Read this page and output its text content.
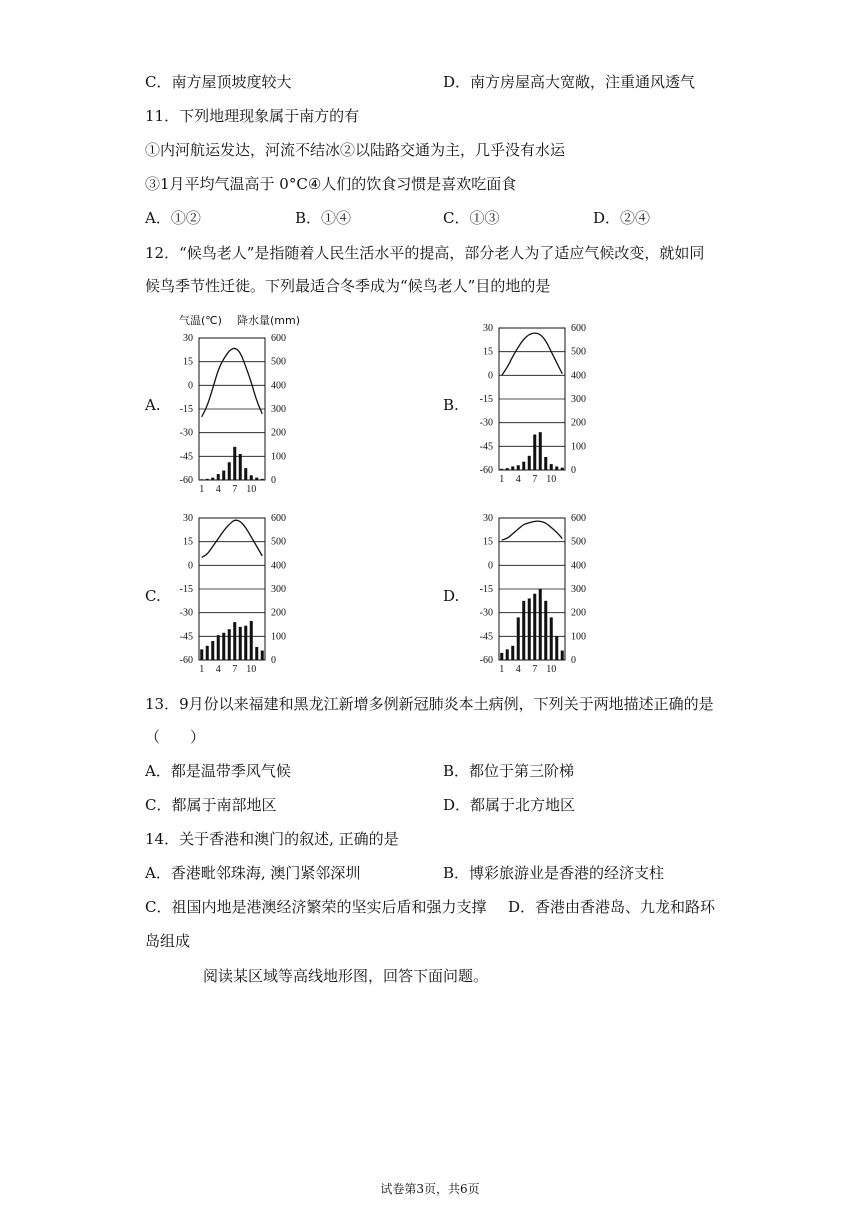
C．南方屋顶坡度较大	D．南方房屋高大宽敞，注重通风透气
11．下列地理现象属于南方的有
①内河航运发达，河流不结冰②以陆路交通为主，几乎没有水运
③1月平均气温高于 0°C④人们的饮食习惯是喜欢吃面食
A．①②	B．①④	C．①③	D．②④
12．“候鸟老人”是指随着人民生活水平的提高，部分老人为了适应气候改变，就如同
候鸟季节性迁徙。下列最适合冬季成为“候鸟老人”目的地的是
A.	B.
C.	D.
气温(℃) 降水量(mm)
30
15
0
-15
-30
-45
-60
600
500
400
300
200
100
0
1 4 7 10
30
15
0
-15
-30
-45
-60
600
500
400
300
200
100
0
1 4 7 10
30
15
0
-15
-30
-45
-60
600
500
400
300
200
100
0
1 4 7 10
30
15
0
-15
-30
-45
-60
600
500
400
300
200
100
0
1 4 7 10
13．9月份以来福建和黑龙江新增多例新冠肺炎本土病例，下列关于两地描述正确的是
（　　）
A．都是温带季风气候	B．都位于第三阶梯
C．都属于南部地区	D．都属于北方地区
14．关于香港和澳门的叙述, 正确的是
A．香港毗邻珠海, 澳门紧邻深圳	B．博彩旅游业是香港的经济支柱
C．祖国内地是港澳经济繁荣的坚实后盾和强力支撑 D．香港由香港岛、九龙和路环
岛组成
阅读某区域等高线地形图，回答下面问题。
试卷第3页，共6页
